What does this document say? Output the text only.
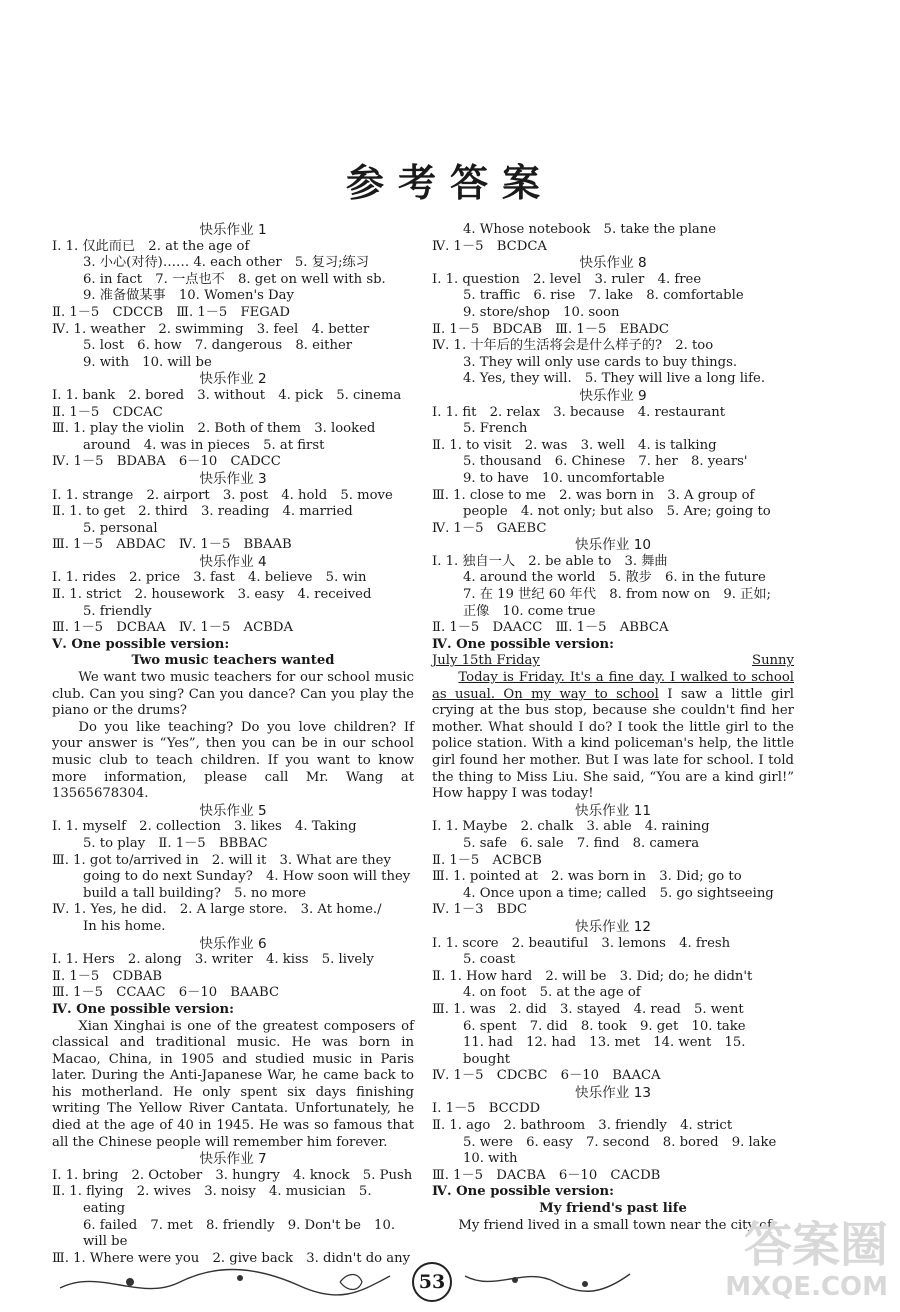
参考答案
快乐作业 1
Ⅰ. 1. 仅此而已　2. at the age of
3. 小心(对待)…… 4. each other　5. 复习;练习
6. in fact　7. 一点也不　8. get on well with sb.
9. 准备做某事　10. Women's Day
Ⅱ. 1－5　CDCCB　Ⅲ. 1－5　FEGAD
Ⅳ. 1. weather　2. swimming　3. feel　4. better
5. lost　6. how　7. dangerous　8. either
9. with　10. will be
快乐作业 2
Ⅰ. 1. bank　2. bored　3. without　4. pick　5. cinema
Ⅱ. 1－5　CDCAC
Ⅲ. 1. play the violin　2. Both of them　3. looked
around　4. was in pieces　5. at first
Ⅳ. 1－5　BDABA　6－10　CADCC
快乐作业 3
Ⅰ. 1. strange　2. airport　3. post　4. hold　5. move
Ⅱ. 1. to get　2. third　3. reading　4. married
5. personal
Ⅲ. 1－5　ABDAC　Ⅳ. 1－5　BBAAB
快乐作业 4
Ⅰ. 1. rides　2. price　3. fast　4. believe　5. win
Ⅱ. 1. strict　2. housework　3. easy　4. received
5. friendly
Ⅲ. 1－5　DCBAA　Ⅳ. 1－5　ACBDA
Ⅴ. One possible version:
Two music teachers wanted
We want two music teachers for our school music club. Can you sing? Can you dance? Can you play the piano or the drums?
Do you like teaching? Do you love children? If your answer is “Yes”, then you can be in our school music club to teach children. If you want to know more information, please call Mr. Wang at 13565678304.
快乐作业 5
Ⅰ. 1. myself　2. collection　3. likes　4. Taking
5. to play　Ⅱ. 1－5　BBBAC
Ⅲ. 1. got to/arrived in　2. will it　3. What are they
going to do next Sunday?　4. How soon will they
build a tall building?　5. no more
Ⅳ. 1. Yes, he did.　2. A large store.　3. At home./
In his home.
快乐作业 6
Ⅰ. 1. Hers　2. along　3. writer　4. kiss　5. lively
Ⅱ. 1－5　CDBAB
Ⅲ. 1－5　CCAAC　6－10　BAABC
Ⅳ. One possible version:
Xian Xinghai is one of the greatest composers of classical and traditional music. He was born in Macao, China, in 1905 and studied music in Paris later. During the Anti-Japanese War, he came back to his motherland. He only spent six days finishing writing The Yellow River Cantata. Unfortunately, he died at the age of 40 in 1945. He was so famous that all the Chinese people will remember him forever.
快乐作业 7
Ⅰ. 1. bring　2. October　3. hungry　4. knock　5. Push
Ⅱ. 1. flying　2. wives　3. noisy　4. musician　5. eating
6. failed　7. met　8. friendly　9. Don't be　10. will be
Ⅲ. 1. Where were you　2. give back　3. didn't do any
4. Whose notebook　5. take the plane
Ⅳ. 1－5　BCDCA
快乐作业 8
Ⅰ. 1. question　2. level　3. ruler　4. free
5. traffic　6. rise　7. lake　8. comfortable
9. store/shop　10. soon
Ⅱ. 1－5　BDCAB　Ⅲ. 1－5　EBADC
Ⅳ. 1. 十年后的生活将会是什么样子的?　2. too
3. They will only use cards to buy things.
4. Yes, they will.　5. They will live a long life.
快乐作业 9
Ⅰ. 1. fit　2. relax　3. because　4. restaurant
5. French
Ⅱ. 1. to visit　2. was　3. well　4. is talking
5. thousand　6. Chinese　7. her　8. years'
9. to have　10. uncomfortable
Ⅲ. 1. close to me　2. was born in　3. A group of
people　4. not only; but also　5. Are; going to
Ⅳ. 1－5　GAEBC
快乐作业 10
Ⅰ. 1. 独自一人　2. be able to　3. 舞曲
4. around the world　5. 散步　6. in the future
7. 在 19 世纪 60 年代　8. from now on　9. 正如;
正像　10. come true
Ⅱ. 1－5　DAACC　Ⅲ. 1－5　ABBCA
Ⅳ. One possible version:
July 15th Friday	Sunny
Today is Friday. It's a fine day. I walked to school as usual. On my way to school I saw a little girl crying at the bus stop, because she couldn't find her mother. What should I do? I took the little girl to the police station. With a kind policeman's help, the little girl found her mother. But I was late for school. I told the thing to Miss Liu. She said, “You are a kind girl!” How happy I was today!
快乐作业 11
Ⅰ. 1. Maybe　2. chalk　3. able　4. raining
5. safe　6. sale　7. find　8. camera
Ⅱ. 1－5　ACBCB
Ⅲ. 1. pointed at　2. was born in　3. Did; go to
4. Once upon a time; called　5. go sightseeing
Ⅳ. 1－3　BDC
快乐作业 12
Ⅰ. 1. score　2. beautiful　3. lemons　4. fresh
5. coast
Ⅱ. 1. How hard　2. will be　3. Did; do; he didn't
4. on foot　5. at the age of
Ⅲ. 1. was　2. did　3. stayed　4. read　5. went
6. spent　7. did　8. took　9. get　10. take
11. had　12. had　13. met　14. went　15. bought
Ⅳ. 1－5　CDCBC　6－10　BAACA
快乐作业 13
Ⅰ. 1－5　BCCDD
Ⅱ. 1. ago　2. bathroom　3. friendly　4. strict
5. were　6. easy　7. second　8. bored　9. lake
10. with
Ⅲ. 1－5　DACBA　6－10　CACDB
Ⅳ. One possible version:
My friend's past life
My friend lived in a small town near the city of
53
答案圈
MXQE.COM
